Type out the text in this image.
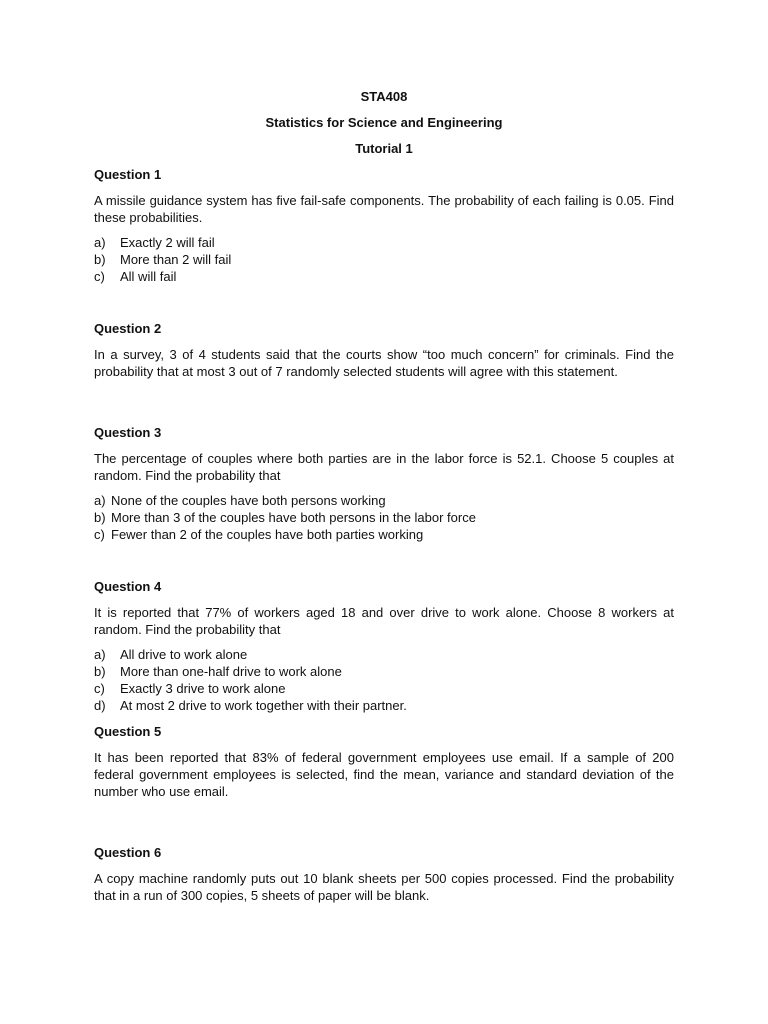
STA408
Statistics for Science and Engineering
Tutorial 1
Question 1
A missile guidance system has five fail-safe components. The probability of each failing is 0.05. Find these probabilities.
a)	Exactly 2 will fail
b)	More than 2 will fail
c)	All will fail
Question 2
In a survey, 3 of 4 students said that the courts show “too much concern” for criminals. Find the probability that at most 3 out of 7 randomly selected students will agree with this statement.
Question 3
The percentage of couples where both parties are in the labor force is 52.1. Choose 5 couples at random. Find the probability that
a) None of the couples have both persons working
b) More than 3 of the couples have both persons in the labor force
c) Fewer than 2 of the couples have both parties working
Question 4
It is reported that 77% of workers aged 18 and over drive to work alone. Choose 8 workers at random. Find the probability that
a)	All drive to work alone
b)	More than one-half drive to work alone
c)	Exactly 3 drive to work alone
d)	At most 2 drive to work together with their partner.
Question 5
It has been reported that 83% of federal government employees use email. If a sample of 200 federal government employees is selected, find the mean, variance and standard deviation of the number who use email.
Question 6
A copy machine randomly puts out 10 blank sheets per 500 copies processed. Find the probability that in a run of 300 copies, 5 sheets of paper will be blank.
